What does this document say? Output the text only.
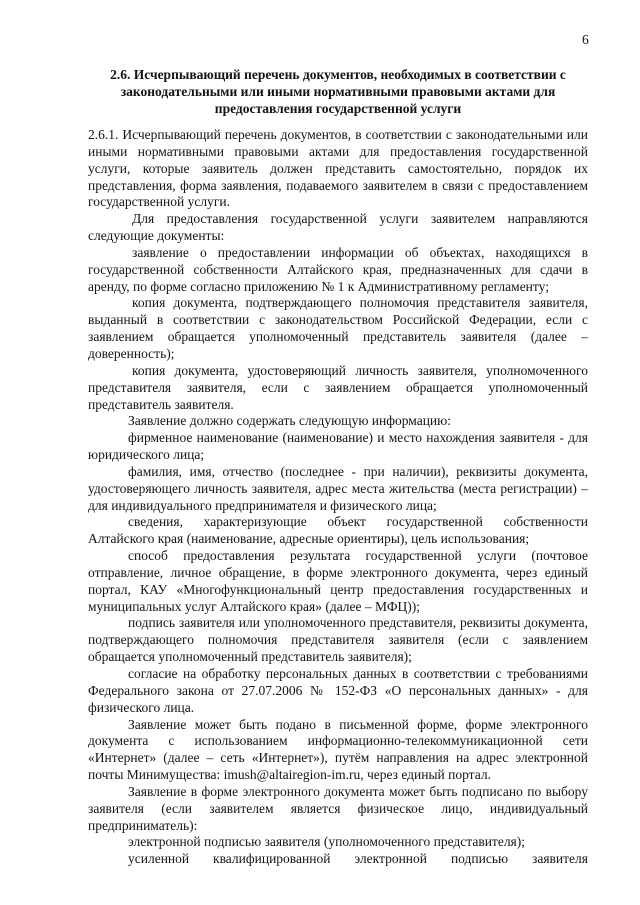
6
2.6. Исчерпывающий перечень документов, необходимых в соответствии с законодательными или иными нормативными правовыми актами для предоставления государственной услуги

2.6.1. Исчерпывающий перечень документов, в соответствии с законодательными или иными нормативными правовыми актами для предоставления государственной услуги, которые заявитель должен представить самостоятельно, порядок их представления, форма заявления, подаваемого заявителем в связи с предоставлением государственной услуги.

Для предоставления государственной услуги заявителем направляются следующие документы:

заявление о предоставлении информации об объектах, находящихся в государственной собственности Алтайского края, предназначенных для сдачи в аренду, по форме согласно приложению № 1 к Административному регламенту;

копия документа, подтверждающего полномочия представителя заявителя, выданный в соответствии с законодательством Российской Федерации, если с заявлением обращается уполномоченный представитель заявителя (далее – доверенность);

копия документа, удостоверяющий личность заявителя, уполномоченного представителя заявителя, если с заявлением обращается уполномоченный представитель заявителя.

Заявление должно содержать следующую информацию:

фирменное наименование (наименование) и место нахождения заявителя - для юридического лица;

фамилия, имя, отчество (последнее - при наличии), реквизиты документа, удостоверяющего личность заявителя, адрес места жительства (места регистрации) – для индивидуального предпринимателя и физического лица;

сведения, характеризующие объект государственной собственности Алтайского края (наименование, адресные ориентиры), цель использования;

способ предоставления результата государственной услуги (почтовое отправление, личное обращение, в форме электронного документа, через единый портал, КАУ «Многофункциональный центр предоставления государственных и муниципальных услуг Алтайского края» (далее – МФЦ));

подпись заявителя или уполномоченного представителя, реквизиты документа, подтверждающего полномочия представителя заявителя (если с заявлением обращается уполномоченный представитель заявителя);

согласие на обработку персональных данных в соответствии с требованиями Федерального закона от 27.07.2006 № 152-ФЗ «О персональных данных» - для физического лица.

Заявление может быть подано в письменной форме, форме электронного документа с использованием информационно-телекоммуникационной сети «Интернет» (далее – сеть «Интернет»), путём направления на адрес электронной почты Минимущества: imush@altairegion-im.ru, через единый портал.

Заявление в форме электронного документа может быть подписано по выбору заявителя (если заявителем является физическое лицо, индивидуальный предприниматель):

электронной подписью заявителя (уполномоченного представителя);

усиленной квалифицированной электронной подписью заявителя
